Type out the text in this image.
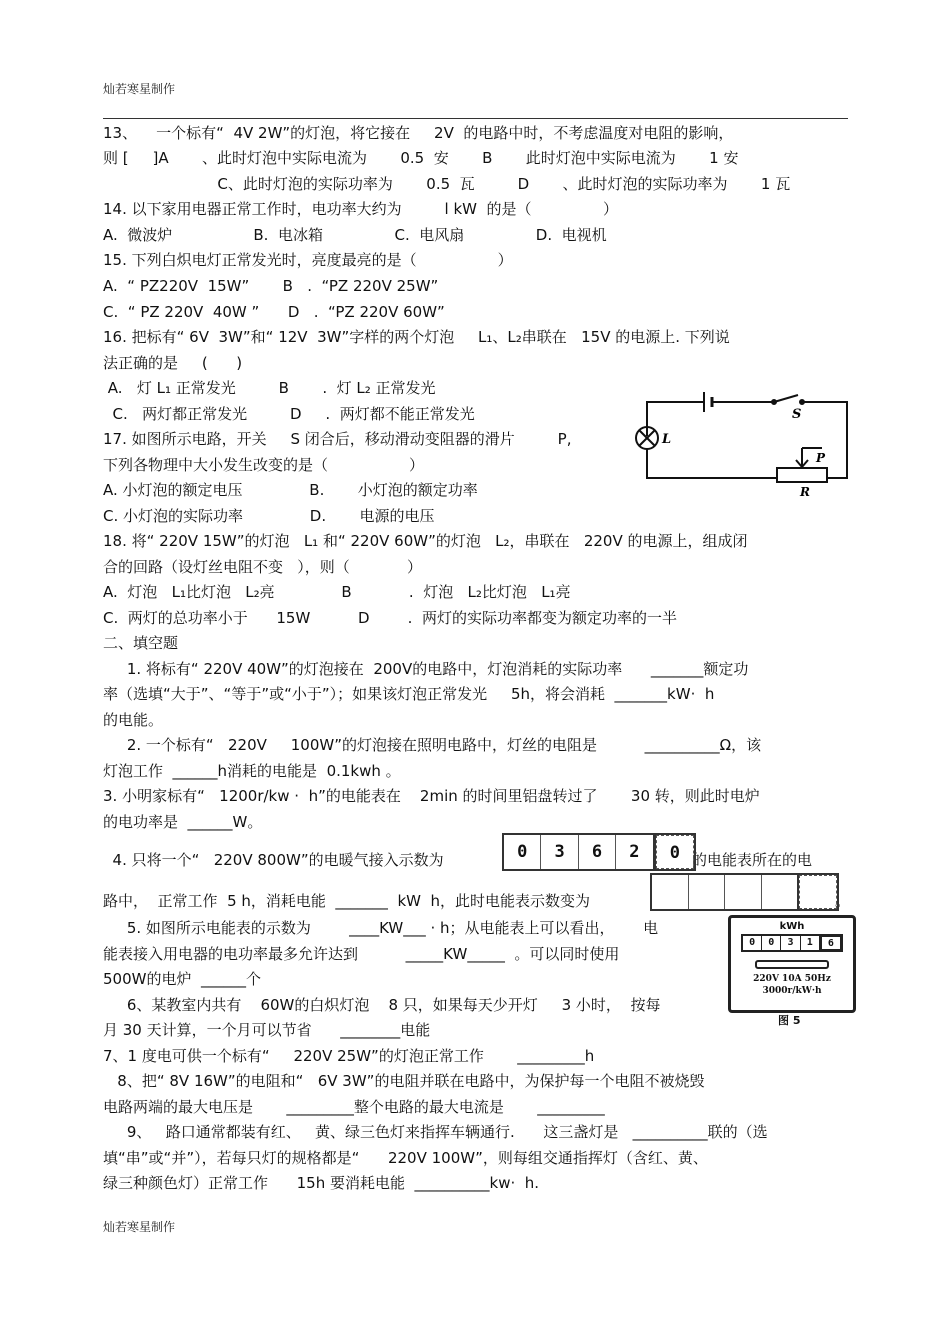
灿若寒星制作
13、    一个标有“  4V 2W”的灯泡，将它接在     2V  的电路中时，不考虑温度对电阻的影响，
则 [     ]A       、此时灯泡中实际电流为       0.5  安       B       此时灯泡中实际电流为       1 安
C、此时灯泡的实际功率为       0.5  瓦         D       、此时灯泡的实际功率为       1 瓦
14. 以下家用电器正常工作时，电功率大约为         l kW  的是（               ）
A.  微波炉                 B.  电冰箱               C.  电风扇               D.  电视机
15. 下列白炽电灯正常发光时，亮度最亮的是（                 ）
A.  “ PZ220V  15W”       B   .  “PZ 220V 25W”
C.  “ PZ 220V  40W ”      D   .  “PZ 220V 60W”
16. 把标有“ 6V  3W”和“ 12V  3W”字样的两个灯泡     L₁、L₂串联在   15V 的电源上. 下列说
法正确的是     (      )
A.   灯 L₁ 正常发光         B       .  灯 L₂ 正常发光
C.   两灯都正常发光         D     .  两灯都不能正常发光
17. 如图所示电路，开关     S 闭合后，移动滑动变阻器的滑片         P,
下列各物理中大小发生改变的是（                 ）
A. 小灯泡的额定电压              B.       小灯泡的额定功率
C. 小灯泡的实际功率              D.       电源的电压
18. 将“ 220V 15W”的灯泡   L₁ 和“ 220V 60W”的灯泡   L₂，串联在   220V 的电源上，组成闭
合的回路（设灯丝电阻不变   ），则（            ）
A.  灯泡   L₁比灯泡   L₂亮              B            .  灯泡   L₂比灯泡   L₁亮
C.  两灯的总功率小于      15W          D        .  两灯的实际功率都变为额定功率的一半
二、填空题
1. 将标有“ 220V 40W”的灯泡接在  200V的电路中，灯泡消耗的实际功率      _______额定功
率（选填“大于”、“等于”或“小于”）；如果该灯泡正常发光     5h，将会消耗  _______kW·  h
的电能。
2. 一个标有“   220V     100W”的灯泡接在照明电路中，灯丝的电阻是          __________Ω，该
灯泡工作  ______h消耗的电能是  0.1kwh 。
3. 小明家标有“   1200r/kw ·  h”的电能表在    2min 的时间里铝盘转过了       30 转，则此时电炉
的电功率是  ______W。
4. 只将一个“   220V 800W”的电暖气接入示数为	的电能表所在的电
路中，  正常工作  5 h，消耗电能  _______  kW  h，此时电能表示数变为	。
5. 如图所示电能表的示数为        ____KW___ · h；从电能表上可以看出，      电
能表接入用电器的电功率最多允许达到          _____KW_____  。可以同时使用
500W的电炉  ______个
6、某教室内共有    60W的白炽灯泡    8 只，如果每天少开灯     3 小时，  按每
月 30 天计算，一个月可以节省      ________电能
7、1 度电可供一个标有“     220V 25W”的灯泡正常工作       _________h
8、把“ 8V 16W”的电阻和“   6V 3W”的电阻并联在电路中，为保护每一个电阻不被烧毁
电路两端的最大电压是       _________整个电路的最大电流是       _________
9、   路口通常都装有红、   黄、绿三色灯来指挥车辆通行.      这三盏灯是   __________联的（选
填“串”或“并”），若每只灯的规格都是“      220V 100W”，则每组交通指挥灯（含红、黄、
绿三种颜色灯）正常工作      15h 要消耗电能  __________kw·  h.
S
L
P
R
0	3	6	2	0
kWh
0	0	3	1	6
220V 10A 50Hz
3000r/kW·h
图 5
灿若寒星制作
